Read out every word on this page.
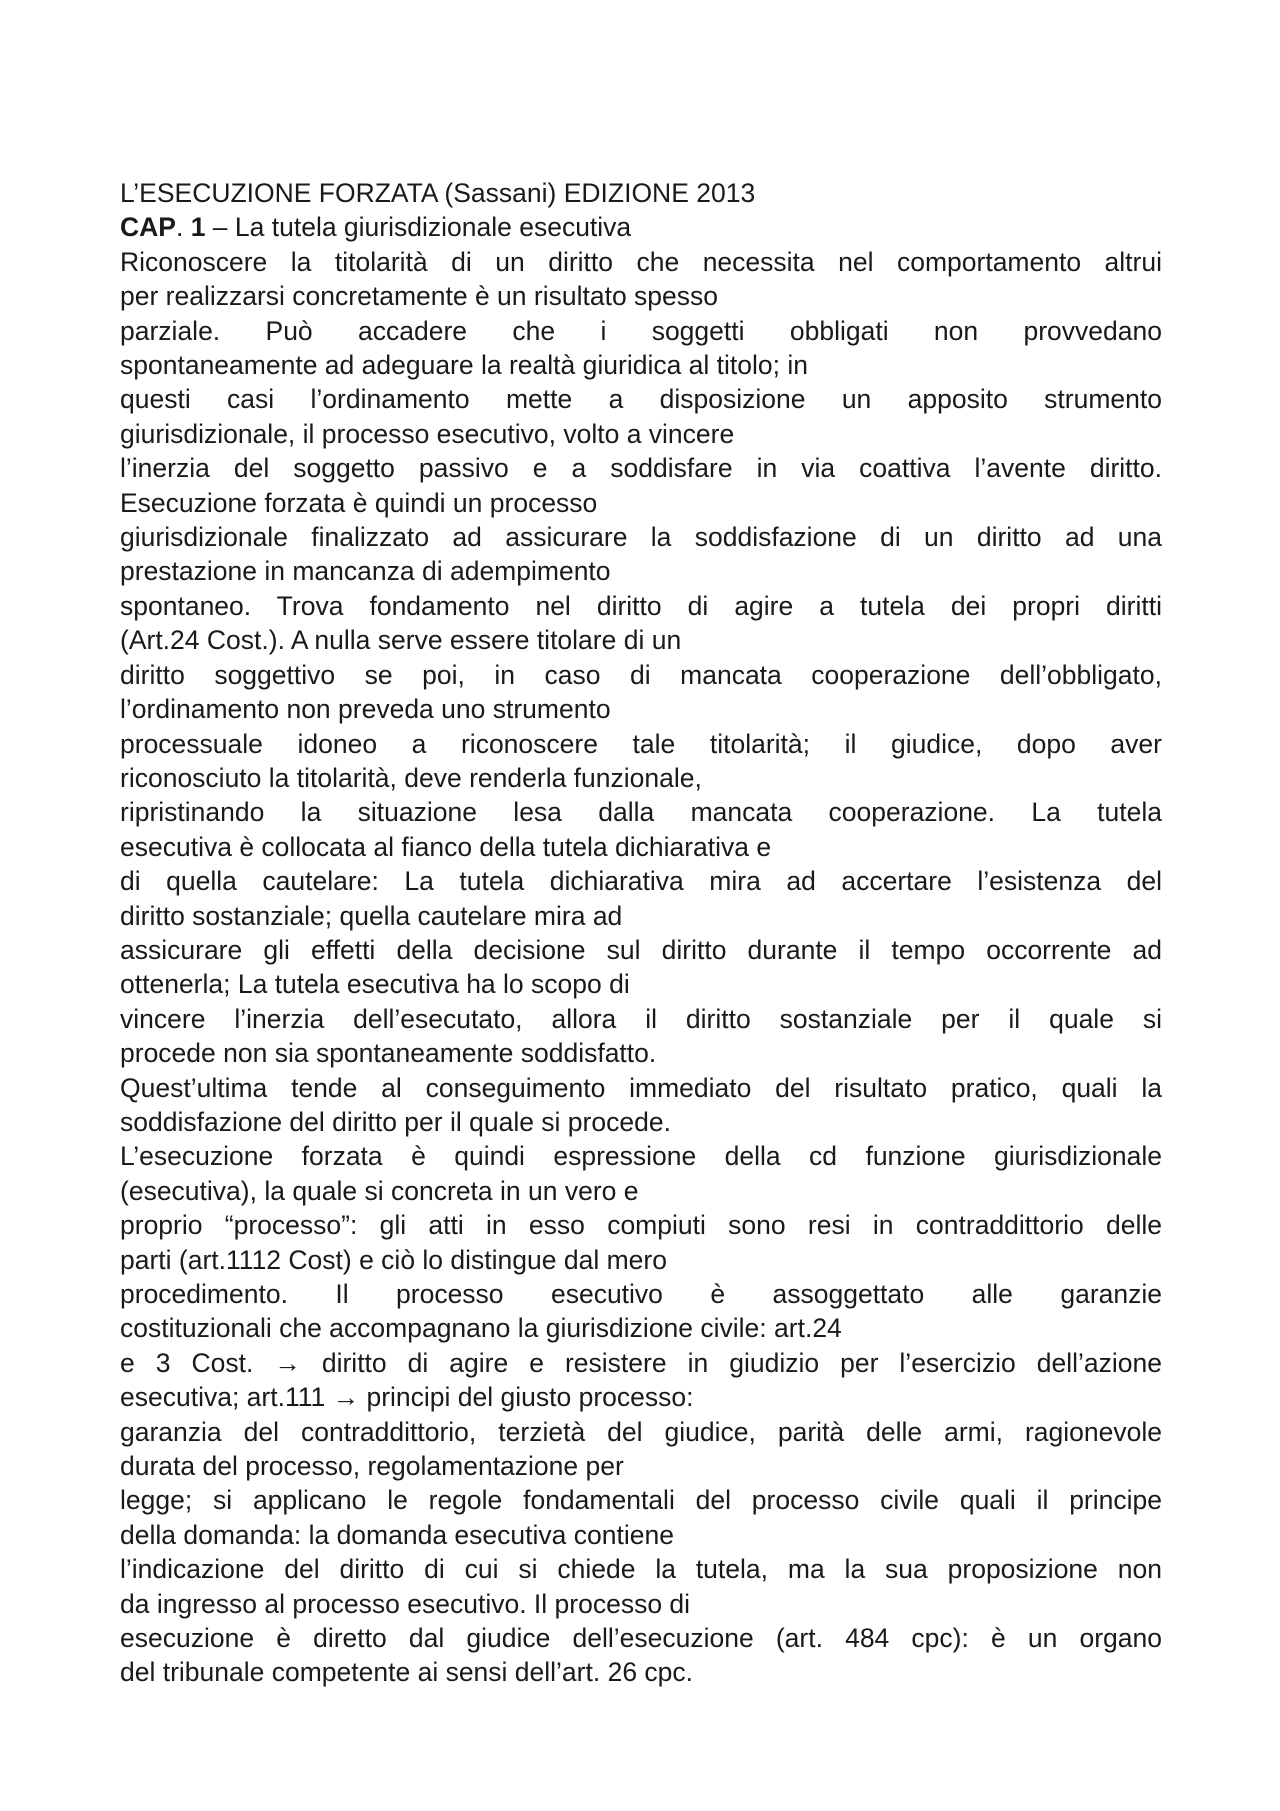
L’ESECUZIONE FORZATA (Sassani) EDIZIONE 2013

CAP. 1 – La tutela giurisdizionale esecutiva

Riconoscere la titolarità di un diritto che necessita nel comportamento altrui

per realizzarsi concretamente è un risultato spesso

parziale. Può accadere che i soggetti obbligati non provvedano

spontaneamente ad adeguare la realtà giuridica al titolo; in

questi casi l’ordinamento mette a disposizione un apposito strumento

giurisdizionale, il processo esecutivo, volto a vincere

l’inerzia del soggetto passivo e a soddisfare in via coattiva l’avente diritto.

Esecuzione forzata è quindi un processo

giurisdizionale finalizzato ad assicurare la soddisfazione di un diritto ad una

prestazione in mancanza di adempimento

spontaneo. Trova fondamento nel diritto di agire a tutela dei propri diritti

(Art.24 Cost.). A nulla serve essere titolare di un

diritto soggettivo se poi, in caso di mancata cooperazione dell’obbligato,

l’ordinamento non preveda uno strumento

processuale idoneo a riconoscere tale titolarità; il giudice, dopo aver

riconosciuto la titolarità, deve renderla funzionale,

ripristinando la situazione lesa dalla mancata cooperazione. La tutela

esecutiva è collocata al fianco della tutela dichiarativa e

di quella cautelare: La tutela dichiarativa mira ad accertare l’esistenza del

diritto sostanziale; quella cautelare mira ad

assicurare gli effetti della decisione sul diritto durante il tempo occorrente ad

ottenerla; La tutela esecutiva ha lo scopo di

vincere l’inerzia dell’esecutato, allora il diritto sostanziale per il quale si

procede non sia spontaneamente soddisfatto.

Quest’ultima tende al conseguimento immediato del risultato pratico, quali la

soddisfazione del diritto per il quale si procede.

L’esecuzione forzata è quindi espressione della cd funzione giurisdizionale

(esecutiva), la quale si concreta in un vero e

proprio “processo”: gli atti in esso compiuti sono resi in contraddittorio delle

parti (art.1112 Cost) e ciò lo distingue dal mero

procedimento. Il processo esecutivo è assoggettato alle garanzie

costituzionali che accompagnano la giurisdizione civile: art.24

e 3 Cost. → diritto di agire e resistere in giudizio per l’esercizio dell’azione

esecutiva; art.111 → principi del giusto processo:

garanzia del contraddittorio, terzietà del giudice, parità delle armi, ragionevole

durata del processo, regolamentazione per

legge; si applicano le regole fondamentali del processo civile quali il principe

della domanda: la domanda esecutiva contiene

l’indicazione del diritto di cui si chiede la tutela, ma la sua proposizione non

da ingresso al processo esecutivo. Il processo di

esecuzione è diretto dal giudice dell’esecuzione (art. 484 cpc): è un organo

del tribunale competente ai sensi dell’art. 26 cpc.
